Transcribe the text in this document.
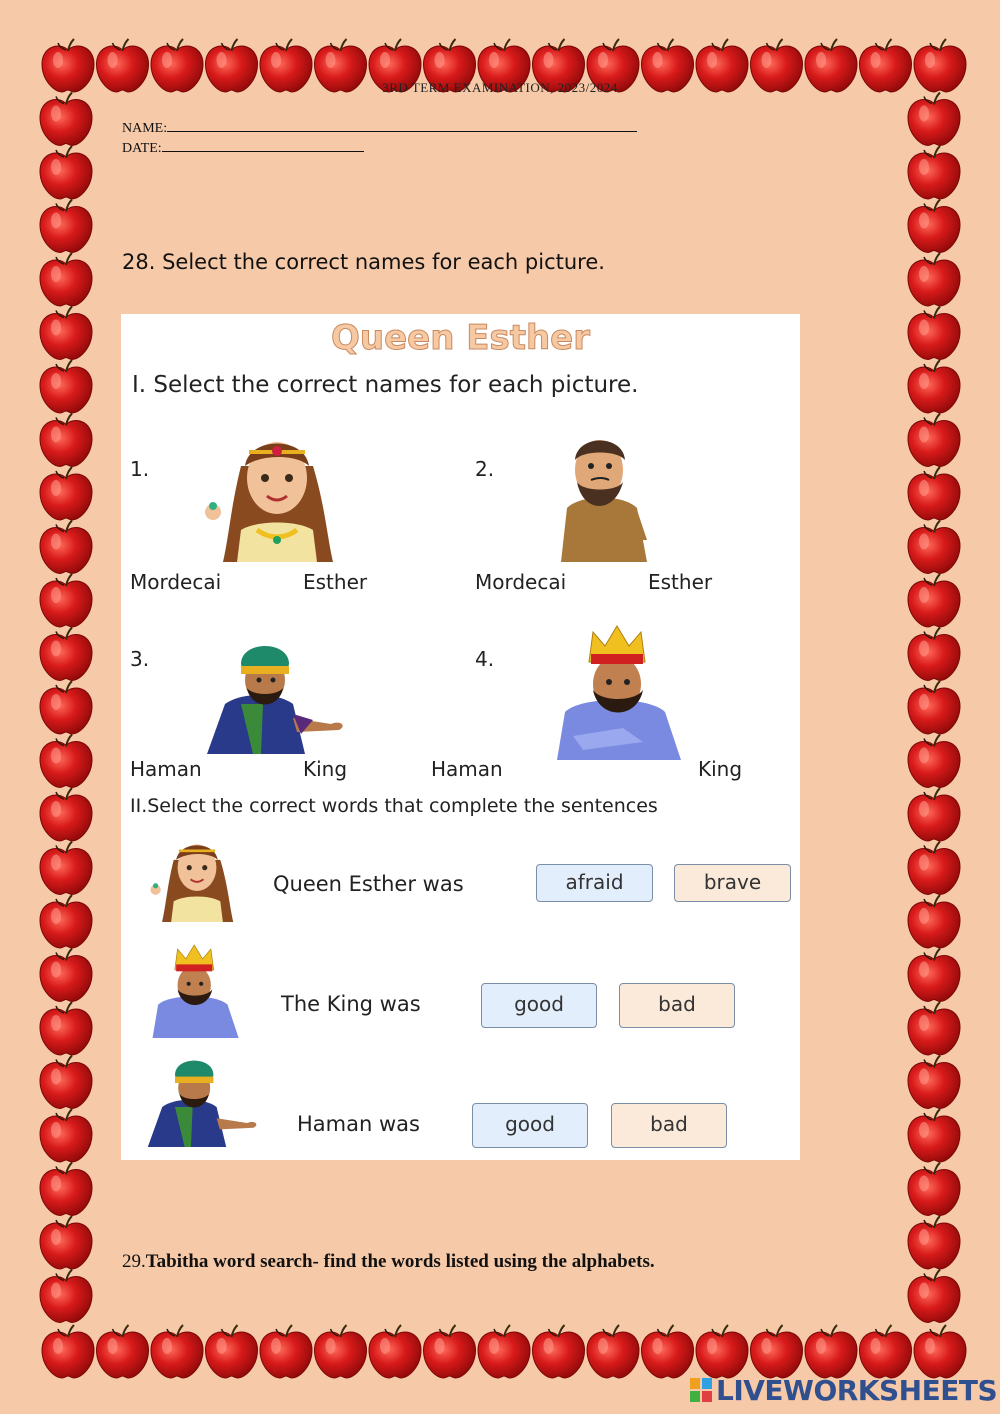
3RD TERM EXAMINATION, 2023/2024
NAME:
DATE:
28. Select the correct names for each picture.
Queen Esther
I. Select the correct names for each picture.
1.
Mordecai	Esther
2.
Mordecai	Esther
3.
Haman	King
4.
Haman	King
II.Select the correct words that complete the sentences
Queen Esther was	afraid	brave
The King was	good	bad
Haman was	good	bad
29.Tabitha word search- find the words listed using the alphabets.
LIVEWORKSHEETS
